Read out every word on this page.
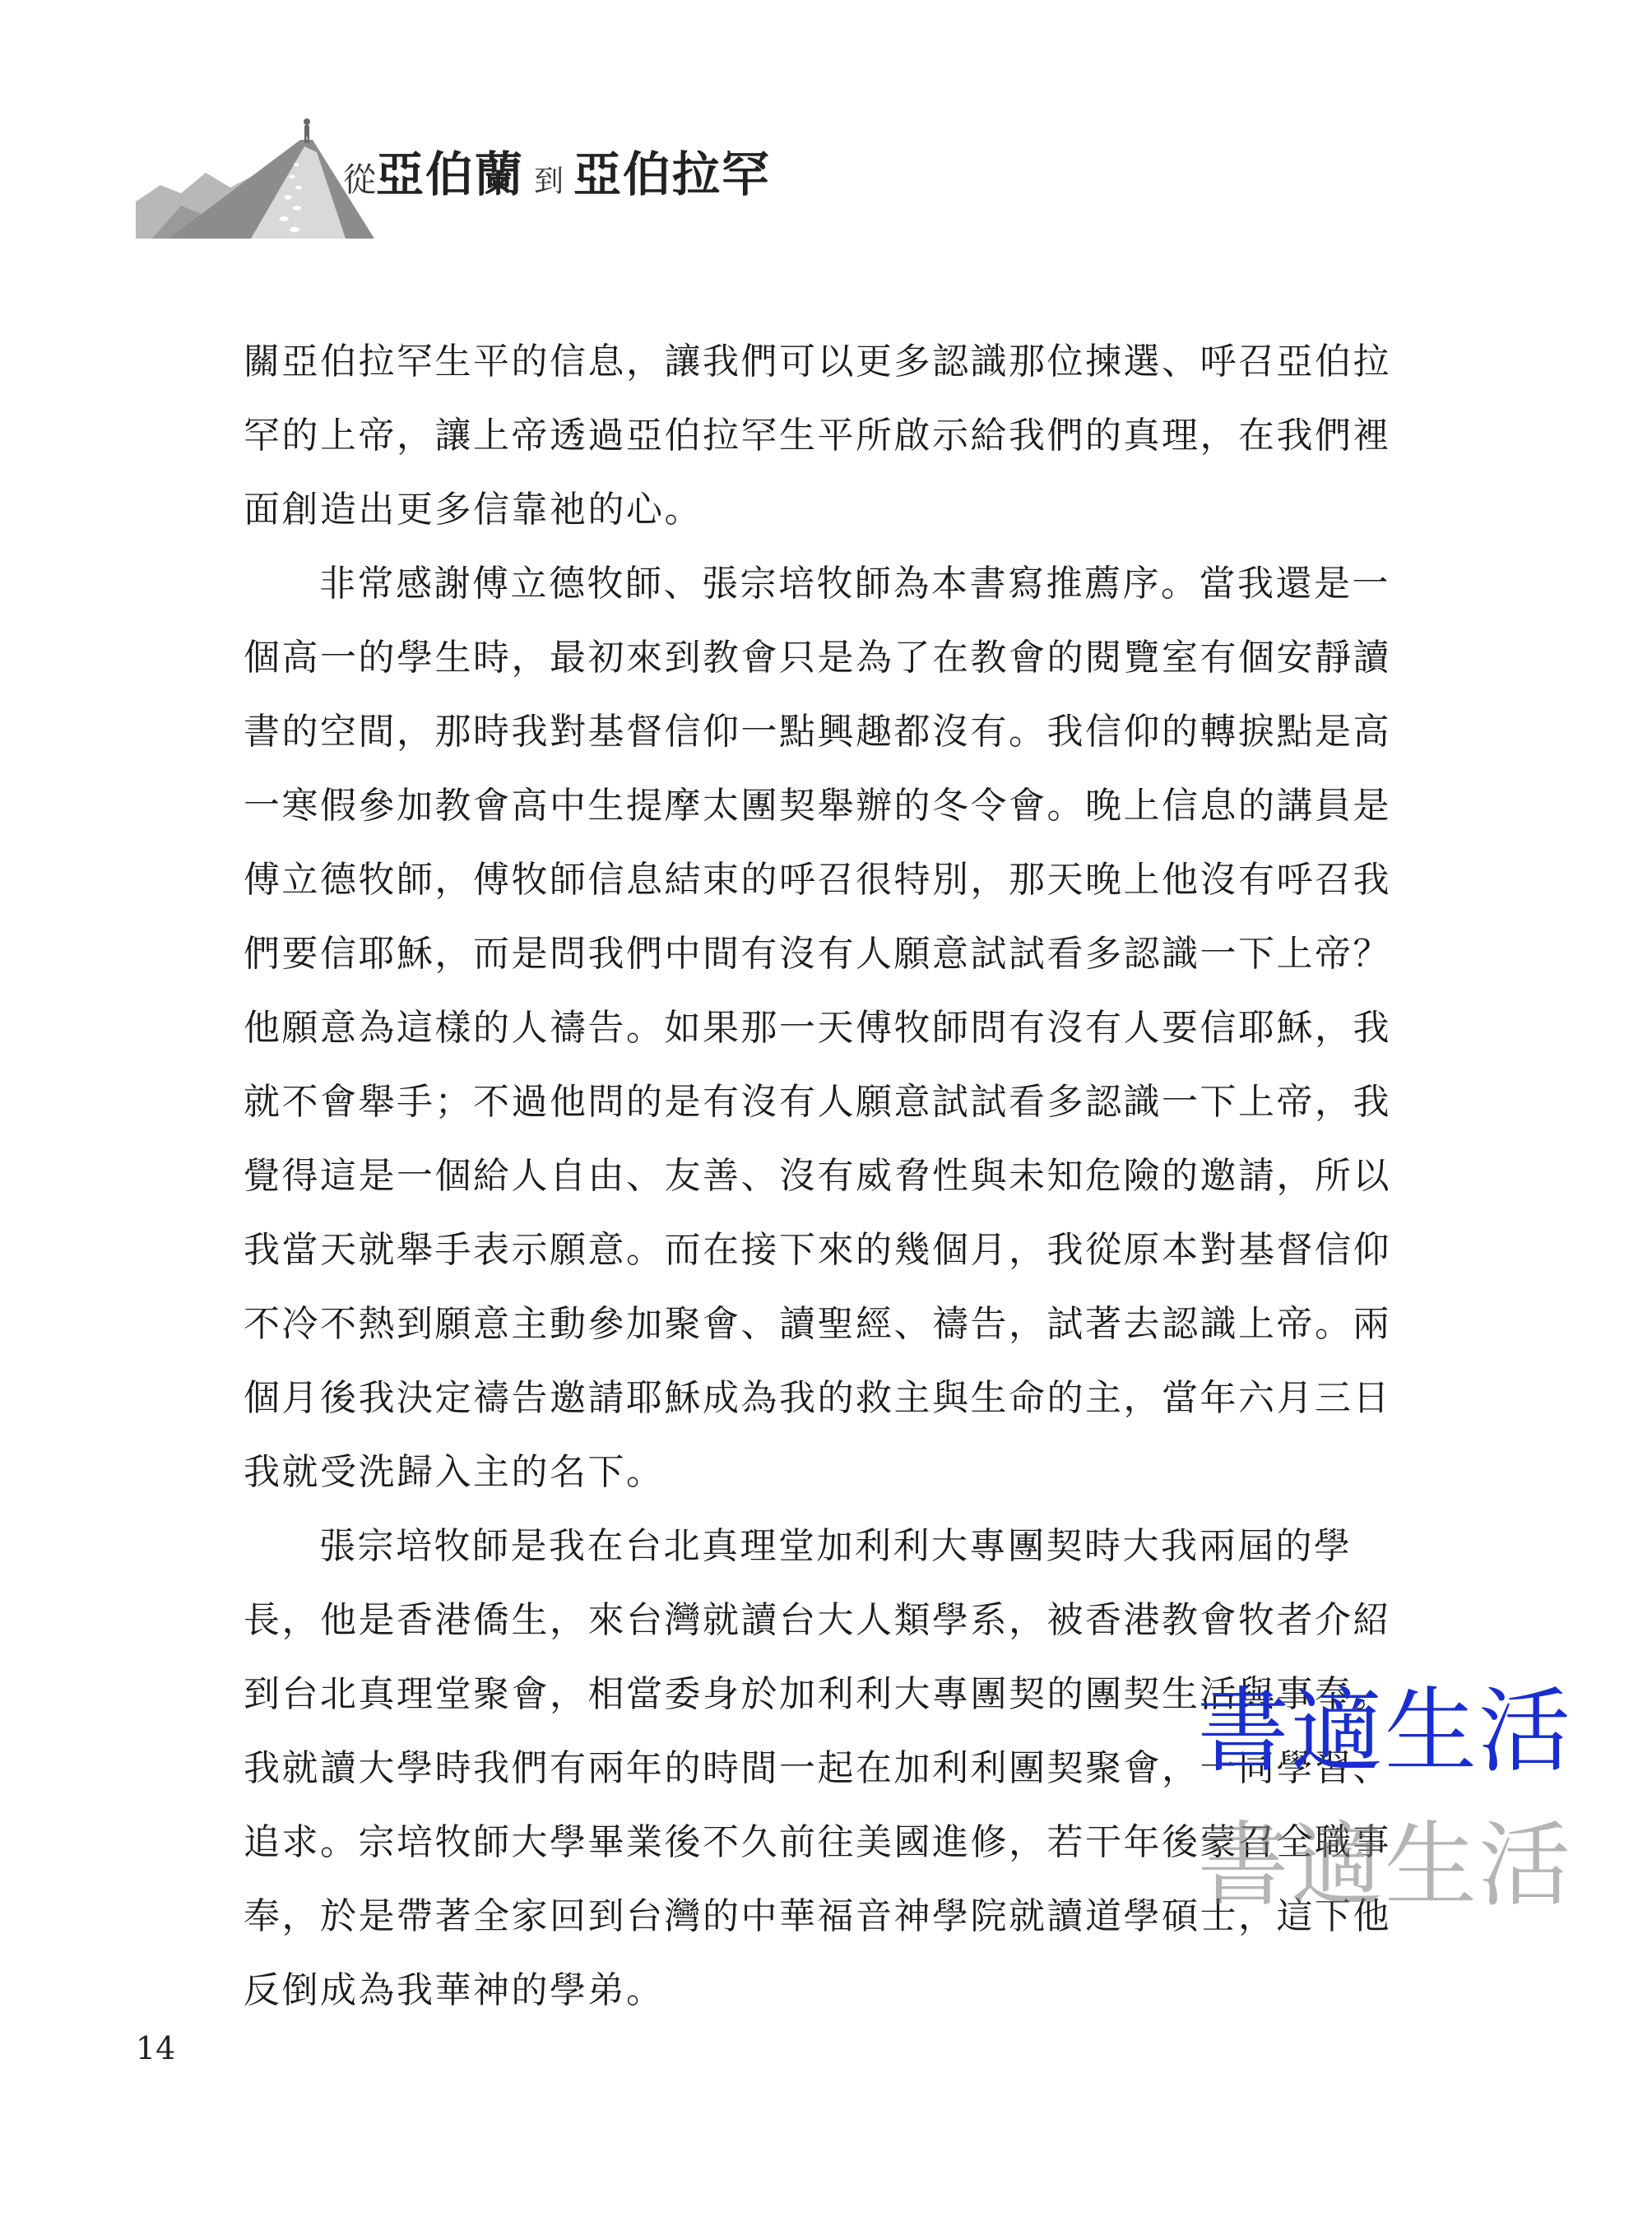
從 亞伯蘭 到 亞伯拉罕
關亞伯拉罕生平的信息，讓我們可以更多認識那位揀選、呼召亞伯拉
罕的上帝，讓上帝透過亞伯拉罕生平所啟示給我們的真理，在我們裡
面創造出更多信靠祂的心。
非常感謝傅立德牧師、張宗培牧師為本書寫推薦序。當我還是一
個高一的學生時，最初來到教會只是為了在教會的閱覽室有個安靜讀
書的空間，那時我對基督信仰一點興趣都沒有。我信仰的轉捩點是高
一寒假參加教會高中生提摩太團契舉辦的冬令會。晚上信息的講員是
傅立德牧師，傅牧師信息結束的呼召很特別，那天晚上他沒有呼召我
們要信耶穌，而是問我們中間有沒有人願意試試看多認識一下上帝？
他願意為這樣的人禱告。如果那一天傅牧師問有沒有人要信耶穌，我
就不會舉手；不過他問的是有沒有人願意試試看多認識一下上帝，我
覺得這是一個給人自由、友善、沒有威脅性與未知危險的邀請，所以
我當天就舉手表示願意。而在接下來的幾個月，我從原本對基督信仰
不冷不熱到願意主動參加聚會、讀聖經、禱告，試著去認識上帝。兩
個月後我決定禱告邀請耶穌成為我的救主與生命的主，當年六月三日
我就受洗歸入主的名下。
張宗培牧師是我在台北真理堂加利利大專團契時大我兩屆的學
長，他是香港僑生，來台灣就讀台大人類學系，被香港教會牧者介紹
到台北真理堂聚會，相當委身於加利利大專團契的團契生活與事奉。
我就讀大學時我們有兩年的時間一起在加利利團契聚會，一同學習、
追求。宗培牧師大學畢業後不久前往美國進修，若干年後蒙召全職事
奉，於是帶著全家回到台灣的中華福音神學院就讀道學碩士，這下他
反倒成為我華神的學弟。
書適生活
書適生活
14
